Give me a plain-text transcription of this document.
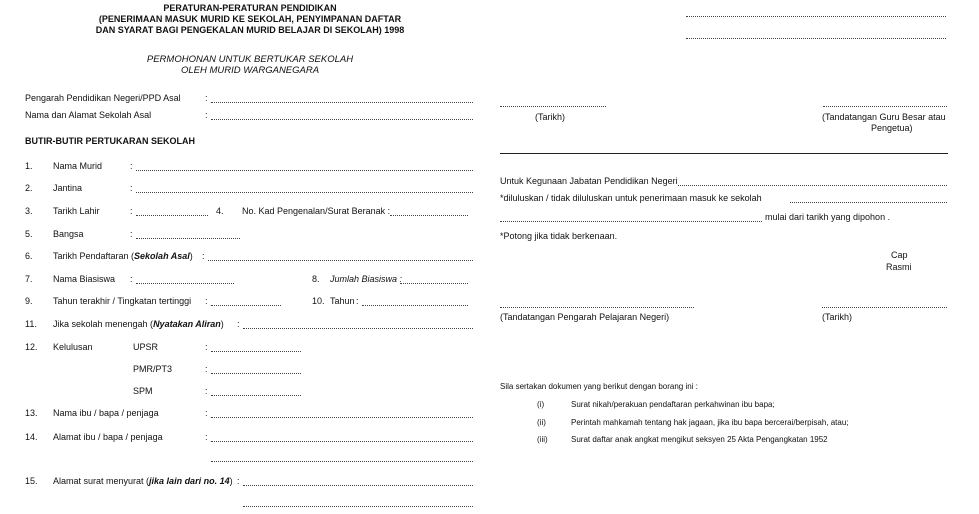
PERATURAN-PERATURAN PENDIDIKAN
(PENERIMAAN MASUK MURID KE SEKOLAH, PENYIMPANAN DAFTAR
DAN SYARAT BAGI PENGEKALAN MURID BELAJAR DI SEKOLAH) 1998
PERMOHONAN UNTUK BERTUKAR SEKOLAH
OLEH MURID WARGANEGARA
Pengarah Pendidikan Negeri/PPD Asal	:
Nama dan Alamat Sekolah Asal	:
BUTIR-BUTIR PERTUKARAN SEKOLAH
1. Nama Murid	:
2. Jantina	:
3. Tarikh Lahir	:	4. No. Kad Pengenalan/Surat Beranak :
5. Bangsa	:
6. Tarikh Pendaftaran (Sekolah Asal) :
7. Nama Biasiswa :	8. Jumlah Biasiswa :
9. Tahun terakhir / Tingkatan tertinggi :	10. Tahun :
11. Jika sekolah menengah (Nyatakan Aliran) :
12. Kelulusan	UPSR	:
PMR/PT3	:
SPM	:
13. Nama ibu / bapa / penjaga	:
14. Alamat ibu / bapa / penjaga	:
15. Alamat surat menyurat (jika lain dari no. 14) :
(Tarikh)	(Tandatangan Guru Besar atau
Pengetua)
Untuk Kegunaan Jabatan Pendidikan Negeri
*diluluskan / tidak diluluskan untuk penerimaan masuk ke sekolah
mulai dari tarikh yang dipohon .
*Potong jika tidak berkenaan.
Cap
Rasmi
(Tandatangan Pengarah Pelajaran Negeri)	(Tarikh)
Sila sertakan dokumen yang berikut dengan borang ini :
(i)	Surat nikah/perakuan pendaftaran perkahwinan ibu bapa;
(ii)	Perintah mahkamah tentang hak jagaan, jika ibu bapa bercerai/berpisah, atau;
(iii)	Surat daftar anak angkat mengikut seksyen 25 Akta Pengangkatan 1952
